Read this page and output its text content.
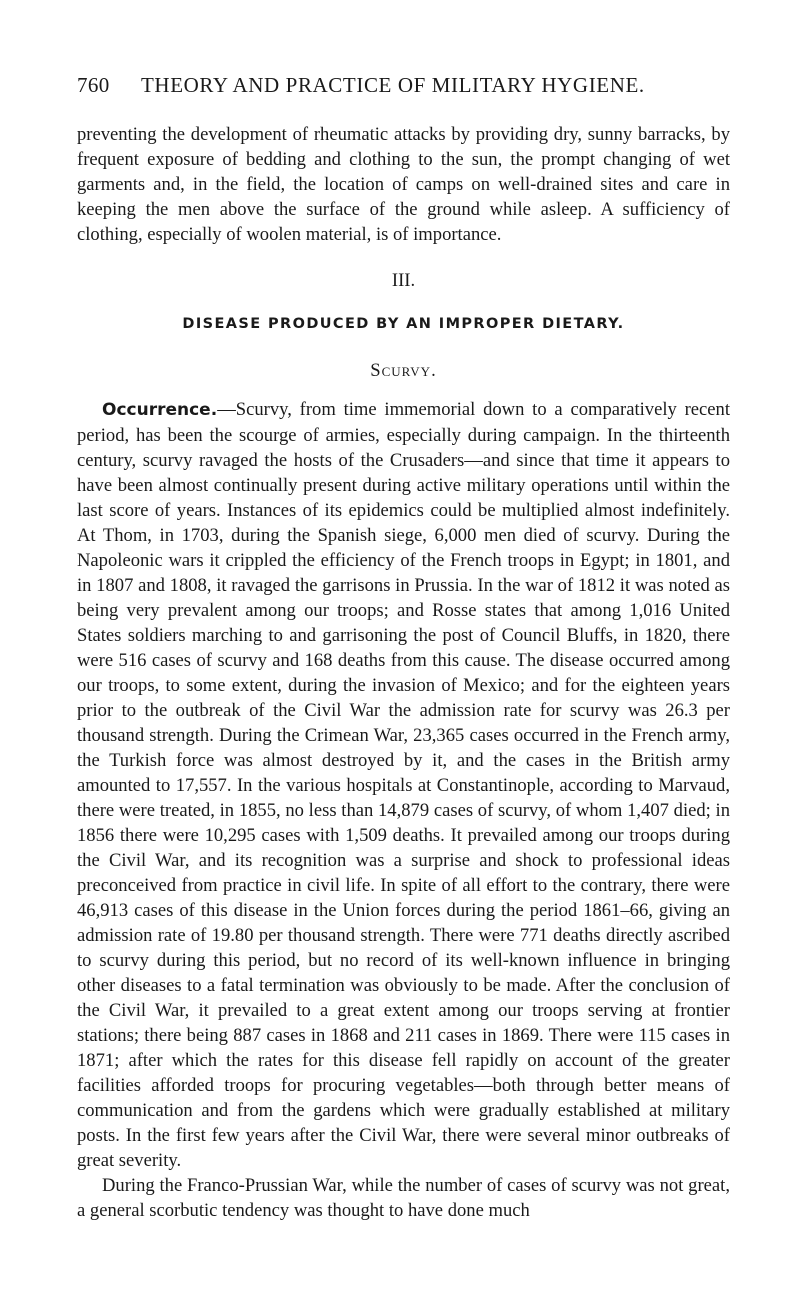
760	THEORY AND PRACTICE OF MILITARY HYGIENE.

preventing the development of rheumatic attacks by providing dry, sunny barracks, by frequent exposure of bedding and clothing to the sun, the prompt changing of wet garments and, in the field, the location of camps on well-drained sites and care in keeping the men above the surface of the ground while asleep. A sufficiency of clothing, especially of woolen material, is of importance.

III.
DISEASE PRODUCED BY AN IMPROPER DIETARY.
Scurvy.

Occurrence.—Scurvy, from time immemorial down to a comparatively recent period, has been the scourge of armies, especially during campaign. In the thirteenth century, scurvy ravaged the hosts of the Crusaders—and since that time it appears to have been almost continually present during active military operations until within the last score of years. Instances of its epidemics could be multiplied almost indefinitely. At Thom, in 1703, during the Spanish siege, 6,000 men died of scurvy. During the Napoleonic wars it crippled the efficiency of the French troops in Egypt; in 1801, and in 1807 and 1808, it ravaged the garrisons in Prussia. In the war of 1812 it was noted as being very prevalent among our troops; and Rosse states that among 1,016 United States soldiers marching to and garrisoning the post of Council Bluffs, in 1820, there were 516 cases of scurvy and 168 deaths from this cause. The disease occurred among our troops, to some extent, during the invasion of Mexico; and for the eighteen years prior to the outbreak of the Civil War the admission rate for scurvy was 26.3 per thousand strength. During the Crimean War, 23,365 cases occurred in the French army, the Turkish force was almost destroyed by it, and the cases in the British army amounted to 17,557. In the various hospitals at Constantinople, according to Marvaud, there were treated, in 1855, no less than 14,879 cases of scurvy, of whom 1,407 died; in 1856 there were 10,295 cases with 1,509 deaths. It prevailed among our troops during the Civil War, and its recognition was a surprise and shock to professional ideas preconceived from practice in civil life. In spite of all effort to the contrary, there were 46,913 cases of this disease in the Union forces during the period 1861–66, giving an admission rate of 19.80 per thousand strength. There were 771 deaths directly ascribed to scurvy during this period, but no record of its well-known influence in bringing other diseases to a fatal termination was obviously to be made. After the conclusion of the Civil War, it prevailed to a great extent among our troops serving at frontier stations; there being 887 cases in 1868 and 211 cases in 1869. There were 115 cases in 1871; after which the rates for this disease fell rapidly on account of the greater facilities afforded troops for procuring vegetables—both through better means of communication and from the gardens which were gradually established at military posts. In the first few years after the Civil War, there were several minor outbreaks of great severity.

During the Franco-Prussian War, while the number of cases of scurvy was not great, a general scorbutic tendency was thought to have done much
